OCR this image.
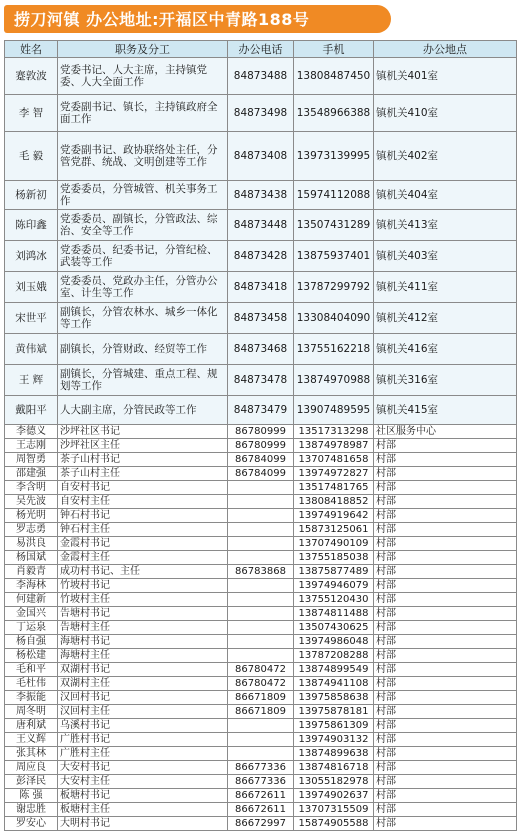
捞刀河镇 办公地址:开福区中青路188号
姓名	职务及分工	办公电话	手机	办公地点
蹇敦波	党委书记、人大主席，主持镇党委、人大全面工作	84873488	13808487450	镇机关401室
李 智	党委副书记、镇长，主持镇政府全面工作	84873498	13548966388	镇机关410室
毛 毅	党委副书记、政协联络处主任，分管党群、统战、文明创建等工作	84873408	13973139995	镇机关402室
杨新初	党委委员，分管城管、机关事务工作	84873438	15974112088	镇机关404室
陈印鑫	党委委员、副镇长，分管政法、综治、安全等工作	84873448	13507431289	镇机关413室
刘鸿冰	党委委员、纪委书记，分管纪检、武装等工作	84873428	13875937401	镇机关403室
刘玉娥	党委委员、党政办主任，分管办公室、计生等工作	84873418	13787299792	镇机关411室
宋世平	副镇长，分管农林水、城乡一体化等工作	84873458	13308404090	镇机关412室
黄伟斌	副镇长，分管财政、经贸等工作	84873468	13755162218	镇机关416室
王 辉	副镇长，分管城建、重点工程、规划等工作	84873478	13874970988	镇机关316室
戴阳平	人大副主席，分管民政等工作	84873479	13907489595	镇机关415室
李德义	沙坪社区书记	86780999	13517313298	社区服务中心
王志刚	沙坪社区主任	86780999	13874978987	村部
周智勇	茶子山村书记	86784099	13707481658	村部
邵建强	茶子山村主任	86784099	13974972827	村部
李含明	自安村书记		13517481765	村部
吴先波	自安村主任		13808418852	村部
杨光明	钟石村书记		13974919642	村部
罗志勇	钟石村主任		15873125061	村部
易洪良	金霞村书记		13707490109	村部
杨国斌	金霞村主任		13755185038	村部
肖毅青	成功村书记、主任	86783868	13875877489	村部
李海林	竹坡村书记		13974946079	村部
何建新	竹坡村主任		13755120430	村部
金国兴	告塘村书记		13874811488	村部
丁运泉	告塘村主任		13507430625	村部
杨自强	海塘村书记		13974986048	村部
杨松建	海塘村主任		13787208288	村部
毛和平	双湖村书记	86780472	13874899549	村部
毛杜伟	双湖村主任	86780472	13874941108	村部
李振能	汉回村书记	86671809	13975858638	村部
周冬明	汉回村主任	86671809	13975878181	村部
唐利斌	乌溪村书记		13975861309	村部
王义辉	广胜村书记		13974903132	村部
张其林	广胜村主任		13874899638	村部
周应良	大安村书记	86677336	13874816718	村部
彭泽民	大安村主任	86677336	13055182978	村部
陈 强	板塘村书记	86672611	13974902637	村部
谢忠胜	板塘村主任	86672611	13707315509	村部
罗安心	大明村书记	86672997	15874905588	村部
